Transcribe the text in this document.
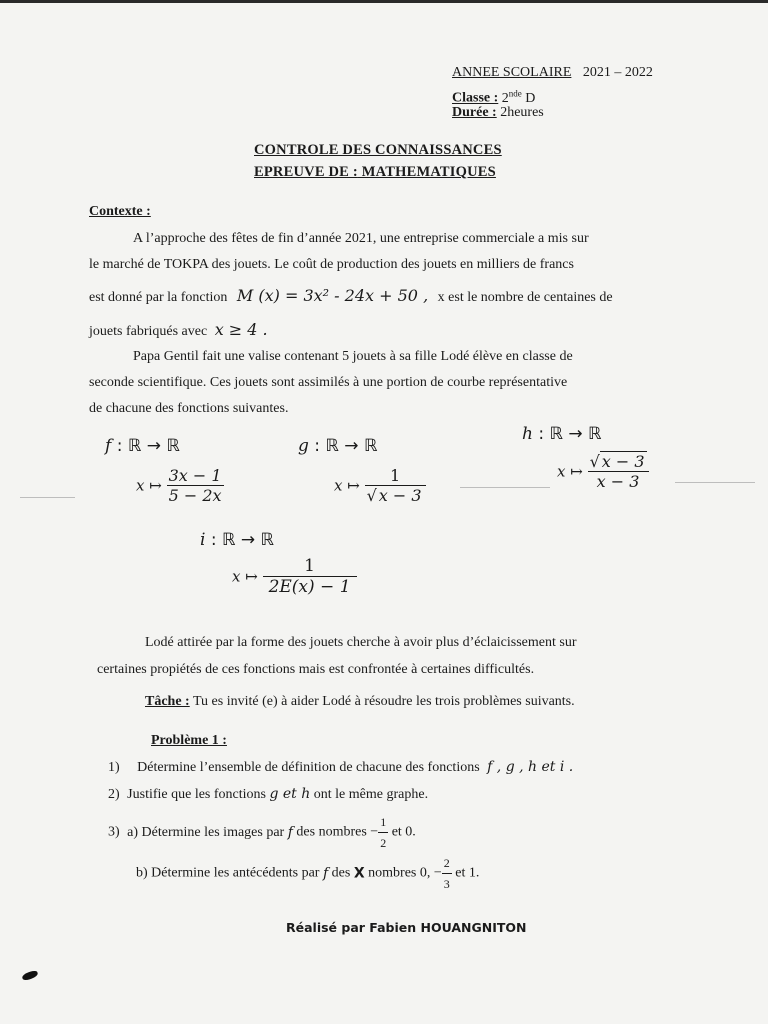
ANNEE SCOLAIRE 2021 – 2022
Classe : 2nde D
Durée : 2heures
CONTROLE DES CONNAISSANCES
EPREUVE DE : MATHEMATIQUES
Contexte :
A l’approche des fêtes de fin d’année 2021, une entreprise commerciale a mis sur
le marché de TOKPA des jouets. Le coût de production des jouets en milliers de francs
est donné par la fonction M (x) = 3x² - 24x + 50 , x est le nombre de centaines de
jouets fabriqués avec x ≥ 4 .
Papa Gentil fait une valise contenant 5 jouets à sa fille Lodé élève en classe de
seconde scientifique. Ces jouets sont assimilés à une portion de courbe représentative
de chacune des fonctions suivantes.
f : ℝ → ℝ
x ↦ $\frac{3x - 1}{5 - 2x}$
g : ℝ → ℝ
x ↦ $\frac{1}{√ x - 3}$
h : ℝ → ℝ
x ↦ $\frac{√ x - 3}{x - 3}$
i : ℝ → ℝ
x ↦ $\frac{1}{2E(x) - 1}$
Lodé attirée par la forme des jouets cherche à avoir plus d’éclaicissement sur
certaines propiétés de ces fonctions mais est confrontée à certaines difficultés.
Tâche : Tu es invité (e) à aider Lodé à résoudre les trois problèmes suivants.
Problème 1 :
1) Détermine l’ensemble de définition de chacune des fonctions f , g , h et i .
2) Justifie que les fonctions g et h ont le même graphe.
3) a) Détermine les images par f des nombres − $\frac{1}{2}$ et 0.
b) Détermine les antécédents par f des X nombres 0, − $\frac{2}{3}$ et 1.
Réalisé par Fabien HOUANGNITON
